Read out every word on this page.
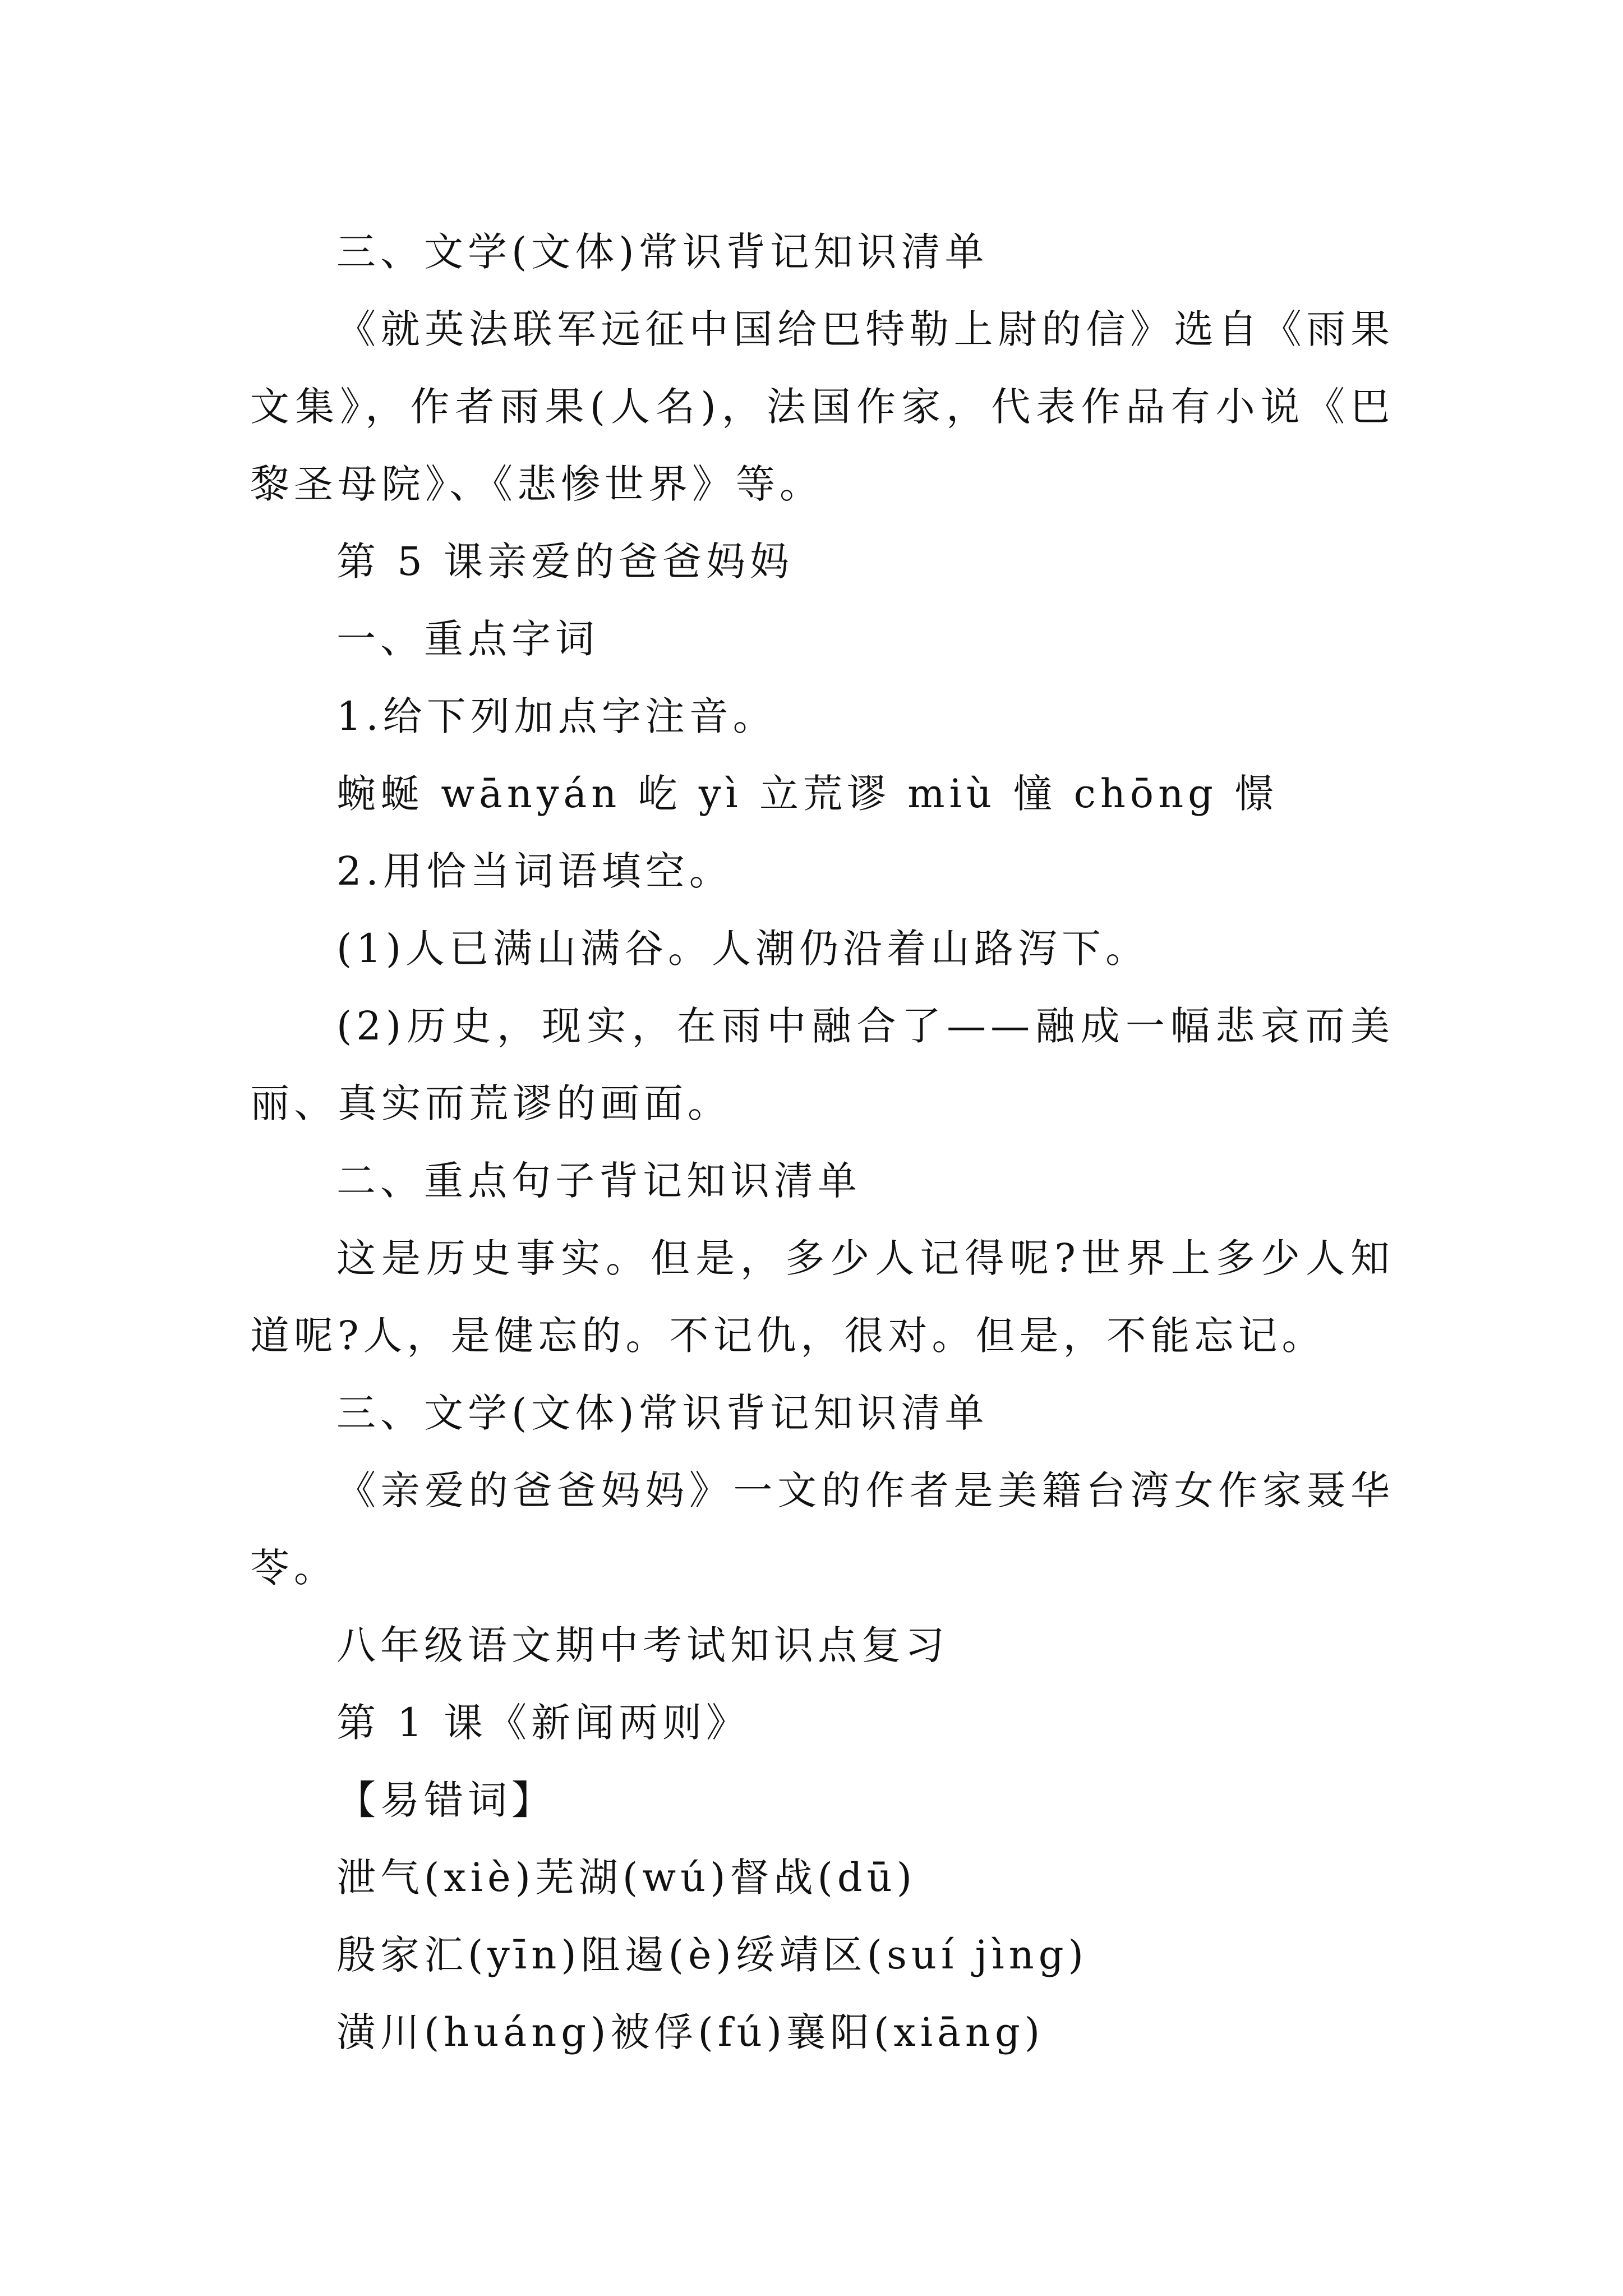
三、文学(文体)常识背记知识清单

《就英法联军远征中国给巴特勒上尉的信》选自《雨果文集》，作者雨果(人名)，法国作家，代表作品有小说《巴黎圣母院》、《悲惨世界》等。

第 5 课亲爱的爸爸妈妈

一、重点字词

1.给下列加点字注音。

蜿蜒 wānyán 屹 yì 立荒谬 miù 憧 chōng 憬

2.用恰当词语填空。

(1)人已满山满谷。人潮仍沿着山路泻下。

(2)历史，现实，在雨中融合了——融成一幅悲哀而美丽、真实而荒谬的画面。

二、重点句子背记知识清单

这是历史事实。但是，多少人记得呢?世界上多少人知道呢?人，是健忘的。不记仇，很对。但是，不能忘记。

三、文学(文体)常识背记知识清单

《亲爱的爸爸妈妈》一文的作者是美籍台湾女作家聂华苓。

八年级语文期中考试知识点复习

第 1 课《新闻两则》

【易错词】

泄气(xiè)芜湖(wú)督战(dū)

殷家汇(yīn)阻遏(è)绥靖区(suí jìng)

潢川(huáng)被俘(fú)襄阳(xiāng)
